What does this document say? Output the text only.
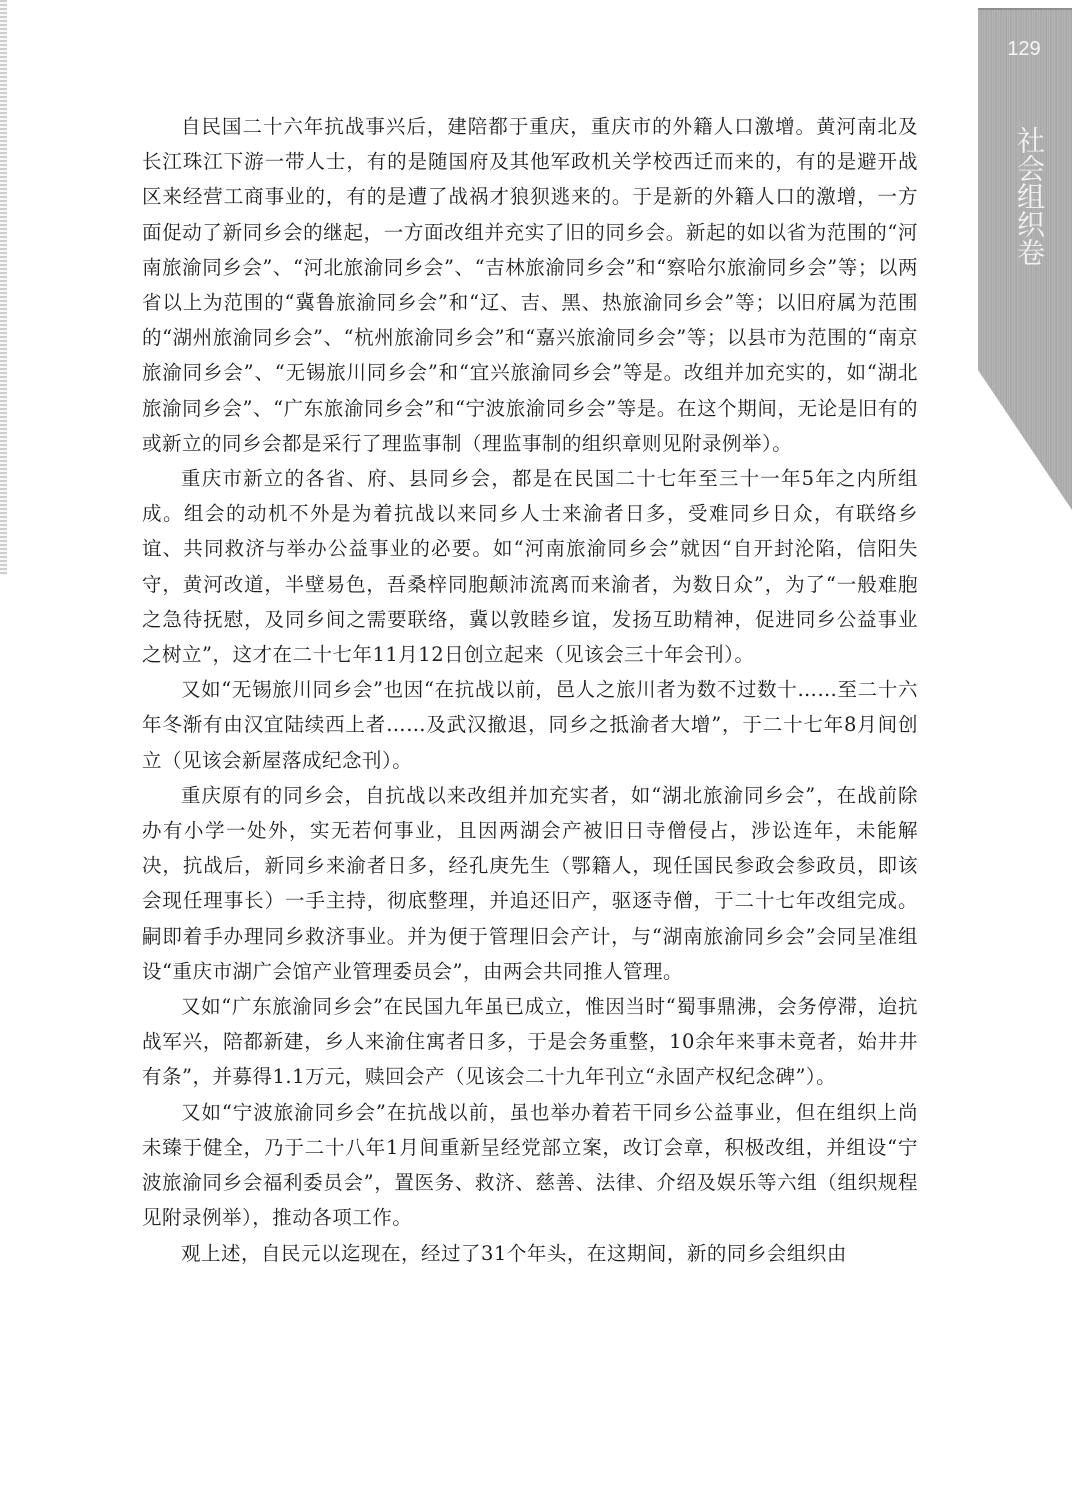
129
社会组织卷

自民国二十六年抗战事兴后，建陪都于重庆，重庆市的外籍人口激增。黄河南北及长江珠江下游一带人士，有的是随国府及其他军政机关学校西迁而来的，有的是避开战区来经营工商事业的，有的是遭了战祸才狼狈逃来的。于是新的外籍人口的激增，一方面促动了新同乡会的继起，一方面改组并充实了旧的同乡会。新起的如以省为范围的“河南旅渝同乡会”、“河北旅渝同乡会”、“吉林旅渝同乡会”和“察哈尔旅渝同乡会”等；以两省以上为范围的“冀鲁旅渝同乡会”和“辽、吉、黑、热旅渝同乡会”等；以旧府属为范围的“湖州旅渝同乡会”、“杭州旅渝同乡会”和“嘉兴旅渝同乡会”等；以县市为范围的“南京旅渝同乡会”、“无锡旅川同乡会”和“宜兴旅渝同乡会”等是。改组并加充实的，如“湖北旅渝同乡会”、“广东旅渝同乡会”和“宁波旅渝同乡会”等是。在这个期间，无论是旧有的或新立的同乡会都是采行了理监事制（理监事制的组织章则见附录例举）。

重庆市新立的各省、府、县同乡会，都是在民国二十七年至三十一年5年之内所组成。组会的动机不外是为着抗战以来同乡人士来渝者日多，受难同乡日众，有联络乡谊、共同救济与举办公益事业的必要。如“河南旅渝同乡会”就因“自开封沦陷，信阳失守，黄河改道，半壁易色，吾桑梓同胞颠沛流离而来渝者，为数日众”，为了“一般难胞之急待抚慰，及同乡间之需要联络，冀以敦睦乡谊，发扬互助精神，促进同乡公益事业之树立”，这才在二十七年11月12日创立起来（见该会三十年会刊）。

又如“无锡旅川同乡会”也因“在抗战以前，邑人之旅川者为数不过数十……至二十六年冬渐有由汉宜陆续西上者……及武汉撤退，同乡之抵渝者大增”，于二十七年8月间创立（见该会新屋落成纪念刊）。

重庆原有的同乡会，自抗战以来改组并加充实者，如“湖北旅渝同乡会”，在战前除办有小学一处外，实无若何事业，且因两湖会产被旧日寺僧侵占，涉讼连年，未能解决，抗战后，新同乡来渝者日多，经孔庚先生（鄂籍人，现任国民参政会参政员，即该会现任理事长）一手主持，彻底整理，并追还旧产，驱逐寺僧，于二十七年改组完成。嗣即着手办理同乡救济事业。并为便于管理旧会产计，与“湖南旅渝同乡会”会同呈准组设“重庆市湖广会馆产业管理委员会”，由两会共同推人管理。

又如“广东旅渝同乡会”在民国九年虽已成立，惟因当时“蜀事鼎沸，会务停滞，迨抗战军兴，陪都新建，乡人来渝住寓者日多，于是会务重整，10余年来事未竟者，始井井有条”，并募得1.1万元，赎回会产（见该会二十九年刊立“永固产权纪念碑”）。

又如“宁波旅渝同乡会”在抗战以前，虽也举办着若干同乡公益事业，但在组织上尚未臻于健全，乃于二十八年1月间重新呈经党部立案，改订会章，积极改组，并组设“宁波旅渝同乡会福利委员会”，置医务、救济、慈善、法律、介绍及娱乐等六组（组织规程见附录例举），推动各项工作。

观上述，自民元以迄现在，经过了31个年头，在这期间，新的同乡会组织由
